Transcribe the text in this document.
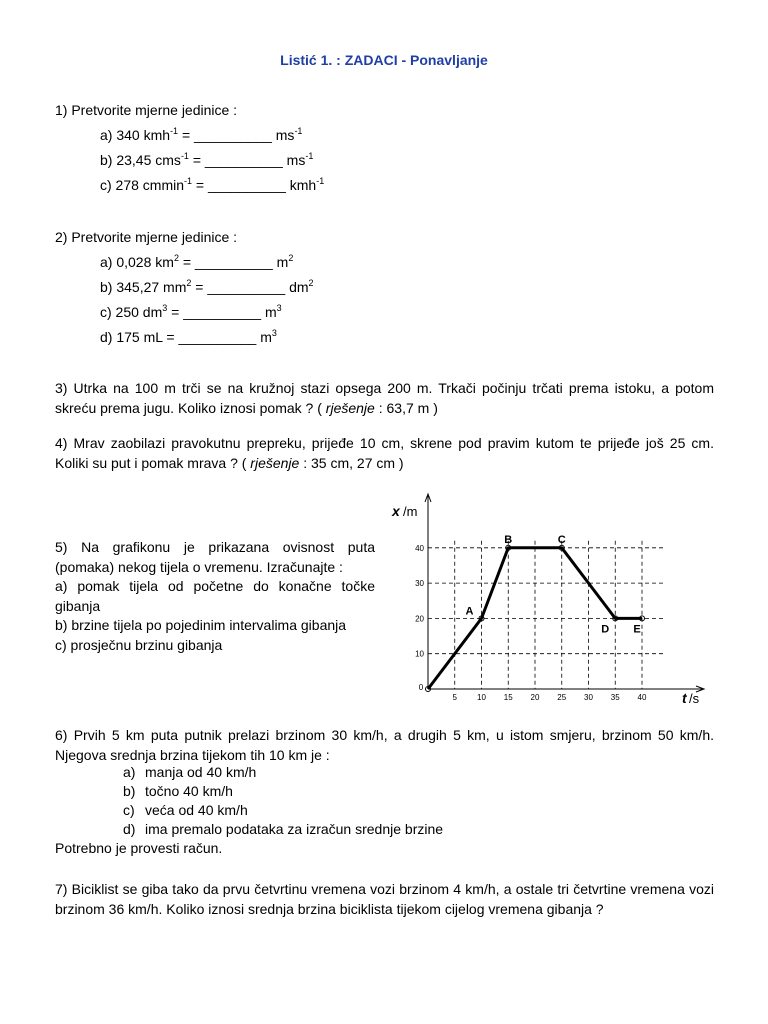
Listić 1. : ZADACI - Ponavljanje
1) Pretvorite mjerne jedinice :
a) 340 kmh$^{-1}$ = __________ $ms^{-1}$
b) 23,45 cms$^{-1}$ = __________ $ms^{-1}$
c) 278 cmmin$^{-1}$ = __________ kmh$^{-1}$
2) Pretvorite mjerne jedinice :
a) 0,028 $km^2$ = __________ $m^2$
b) 345,27 $mm^2$ = __________ $dm^2$
c) 250 $dm^3$ = __________ $m^3$
d) 175 mL = __________ $m^3$
3) Utrka na 100 m trči se na kružnoj stazi opsega 200 m. Trkači počinju trčati prema istoku, a potom skreću prema jugu. Koliko iznosi pomak ? ( rješenje : 63,7 m )
4) Mrav zaobilazi pravokutnu prepreku, prijeđe 10 cm, skrene pod pravim kutom te prijeđe još 25 cm. Koliki su put i pomak mrava ? ( rješenje : 35 cm, 27 cm )
5) Na grafikonu je prikazana ovisnost puta (pomaka) nekog tijela o vremenu. Izračunajte :
a) pomak tijela od početne do konačne točke gibanja
b) brzine tijela po pojedinim intervalima gibanja
c) prosječnu brzinu gibanja
0
5	10 15 20 25 30 35 40
10
20
30
40
A
B	C
D E
x /m
t /s
6) Prvih 5 km puta putnik prelazi brzinom 30 km/h, a drugih 5 km, u istom smjeru, brzinom 50 km/h. Njegova srednja brzina tijekom tih 10 km je :
a) manja od 40 km/h
b) točno 40 km/h
c) veća od 40 km/h
d) ima premalo podataka za izračun srednje brzine
Potrebno je provesti račun.
7) Biciklist se giba tako da prvu četvrtinu vremena vozi brzinom 4 km/h, a ostale tri četvrtine vremena vozi brzinom 36 km/h. Koliko iznosi srednja brzina biciklista tijekom cijelog vremena gibanja ?
